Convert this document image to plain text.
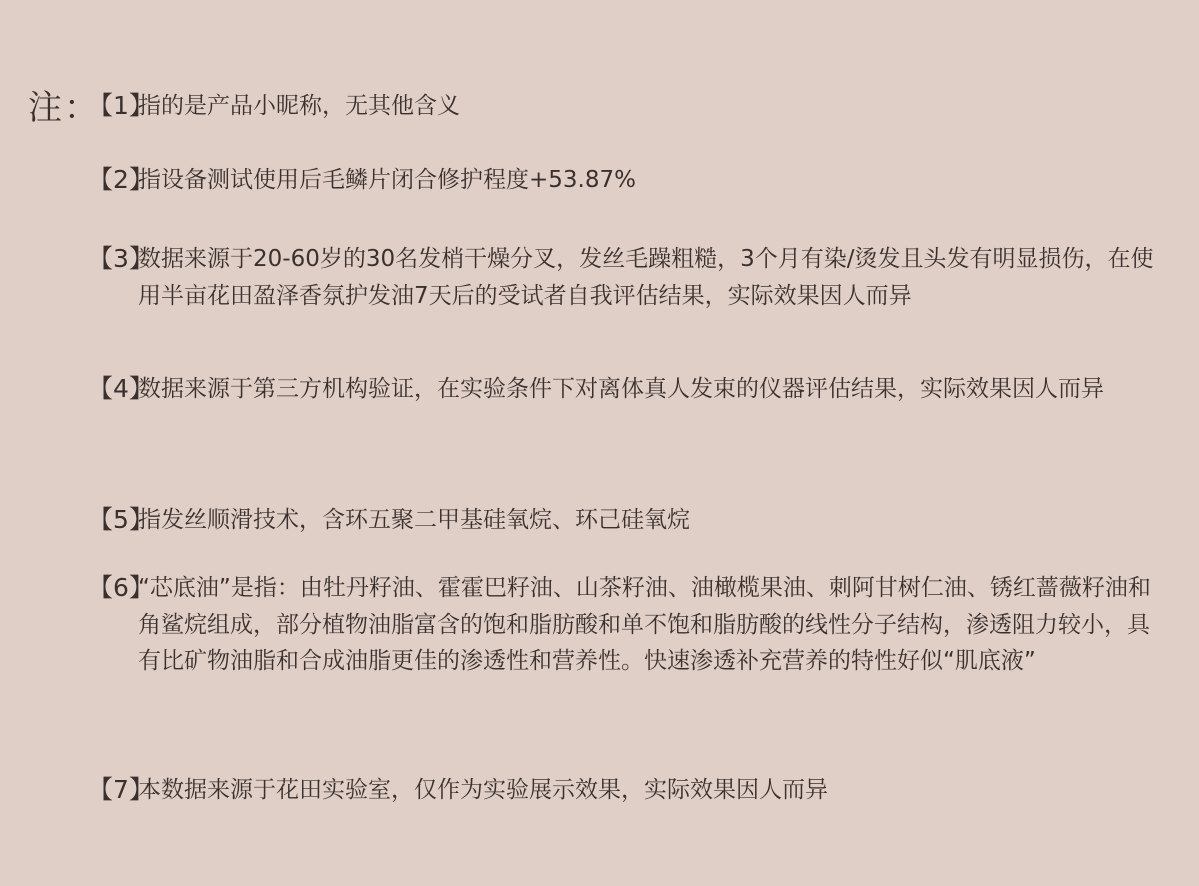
注：
【1】
指的是产品小昵称，无其他含义
【2】
指设备测试使用后毛鳞片闭合修护程度+53.87%
【3】
数据来源于20-60岁的30名发梢干燥分叉，发丝毛躁粗糙，3个月有染/烫发且头发有明显损伤，在使用半亩花田盈泽香氛护发油7天后的受试者自我评估结果，实际效果因人而异
【4】
数据来源于第三方机构验证，在实验条件下对离体真人发束的仪器评估结果，实际效果因人而异
【5】
指发丝顺滑技术，含环五聚二甲基硅氧烷、环己硅氧烷
【6】
“芯底油”是指：由牡丹籽油、霍霍巴籽油、山茶籽油、油橄榄果油、刺阿甘树仁油、锈红蔷薇籽油和角鲨烷组成，部分植物油脂富含的饱和脂肪酸和单不饱和脂肪酸的线性分子结构，渗透阻力较小，具有比矿物油脂和合成油脂更佳的渗透性和营养性。快速渗透补充营养的特性好似“肌底液”
【7】
本数据来源于花田实验室，仅作为实验展示效果，实际效果因人而异
